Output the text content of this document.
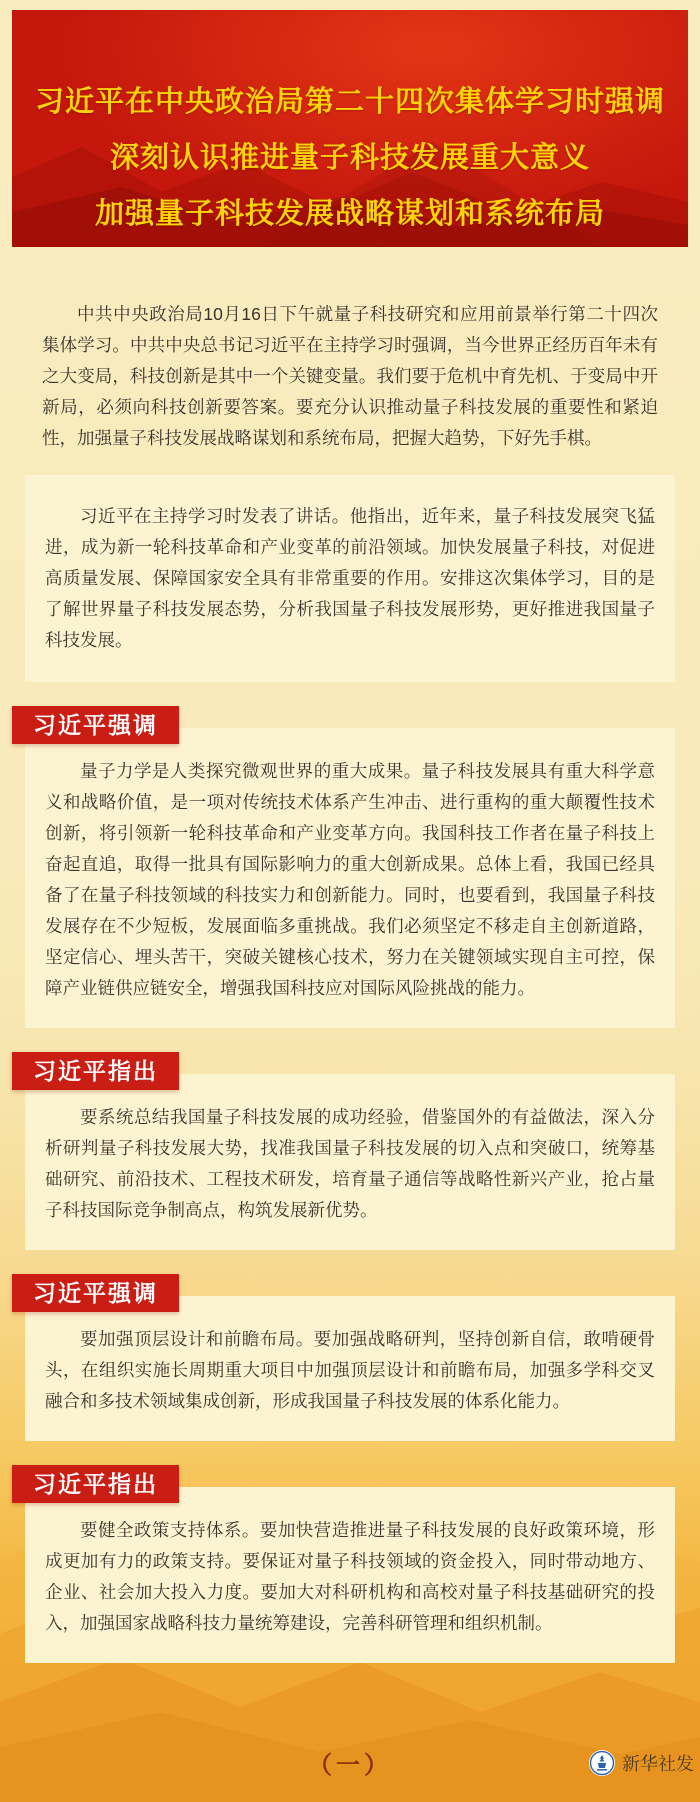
习近平在中央政治局第二十四次集体学习时强调
深刻认识推进量子科技发展重大意义
加强量子科技发展战略谋划和系统布局

中共中央政治局10月16日下午就量子科技研究和应用前景举行第二十四次集体学习。中共中央总书记习近平在主持学习时强调，当今世界正经历百年未有之大变局，科技创新是其中一个关键变量。我们要于危机中育先机、于变局中开新局，必须向科技创新要答案。要充分认识推动量子科技发展的重要性和紧迫性，加强量子科技发展战略谋划和系统布局，把握大趋势，下好先手棋。

习近平在主持学习时发表了讲话。他指出，近年来，量子科技发展突飞猛进，成为新一轮科技革命和产业变革的前沿领域。加快发展量子科技，对促进高质量发展、保障国家安全具有非常重要的作用。安排这次集体学习，目的是了解世界量子科技发展态势，分析我国量子科技发展形势，更好推进我国量子科技发展。

习近平强调

量子力学是人类探究微观世界的重大成果。量子科技发展具有重大科学意义和战略价值，是一项对传统技术体系产生冲击、进行重构的重大颠覆性技术创新，将引领新一轮科技革命和产业变革方向。我国科技工作者在量子科技上奋起直追，取得一批具有国际影响力的重大创新成果。总体上看，我国已经具备了在量子科技领域的科技实力和创新能力。同时，也要看到，我国量子科技发展存在不少短板，发展面临多重挑战。我们必须坚定不移走自主创新道路，坚定信心、埋头苦干，突破关键核心技术，努力在关键领域实现自主可控，保障产业链供应链安全，增强我国科技应对国际风险挑战的能力。

习近平指出

要系统总结我国量子科技发展的成功经验，借鉴国外的有益做法，深入分析研判量子科技发展大势，找准我国量子科技发展的切入点和突破口，统筹基础研究、前沿技术、工程技术研发，培育量子通信等战略性新兴产业，抢占量子科技国际竞争制高点，构筑发展新优势。

习近平强调

要加强顶层设计和前瞻布局。要加强战略研判，坚持创新自信，敢啃硬骨头，在组织实施长周期重大项目中加强顶层设计和前瞻布局，加强多学科交叉融合和多技术领域集成创新，形成我国量子科技发展的体系化能力。

习近平指出

要健全政策支持体系。要加快营造推进量子科技发展的良好政策环境，形成更加有力的政策支持。要保证对量子科技领域的资金投入，同时带动地方、企业、社会加大投入力度。要加大对科研机构和高校对量子科技基础研究的投入，加强国家战略科技力量统筹建设，完善科研管理和组织机制。

（一）	新华社发
